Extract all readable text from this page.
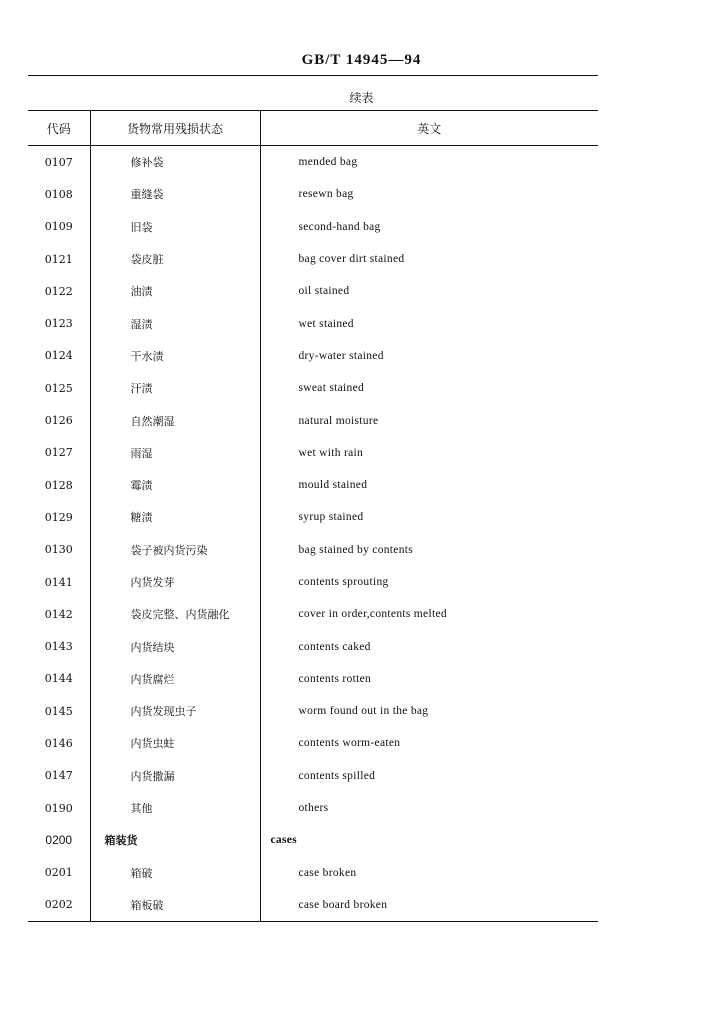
GB/T 14945—94
续表
代码	货物常用残损状态	英文
0107	修补袋	mended bag
0108	重缝袋	resewn bag
0109	旧袋	second-hand bag
0121	袋皮脏	bag cover dirt stained
0122	油渍	oil stained
0123	湿渍	wet stained
0124	干水渍	dry-water stained
0125	汗渍	sweat stained
0126	自然潮湿	natural moisture
0127	雨湿	wet with rain
0128	霉渍	mould stained
0129	糖渍	syrup stained
0130	袋子被内货污染	bag stained by contents
0141	内货发芽	contents sprouting
0142	袋皮完整、内货融化	cover in order,contents melted
0143	内货结块	contents caked
0144	内货腐烂	contents rotten
0145	内货发现虫子	worm found out in the bag
0146	内货虫蛀	contents worm-eaten
0147	内货撒漏	contents spilled
0190	其他	others
0200	箱装货	cases
0201	箱破	case broken
0202	箱板破	case board broken
